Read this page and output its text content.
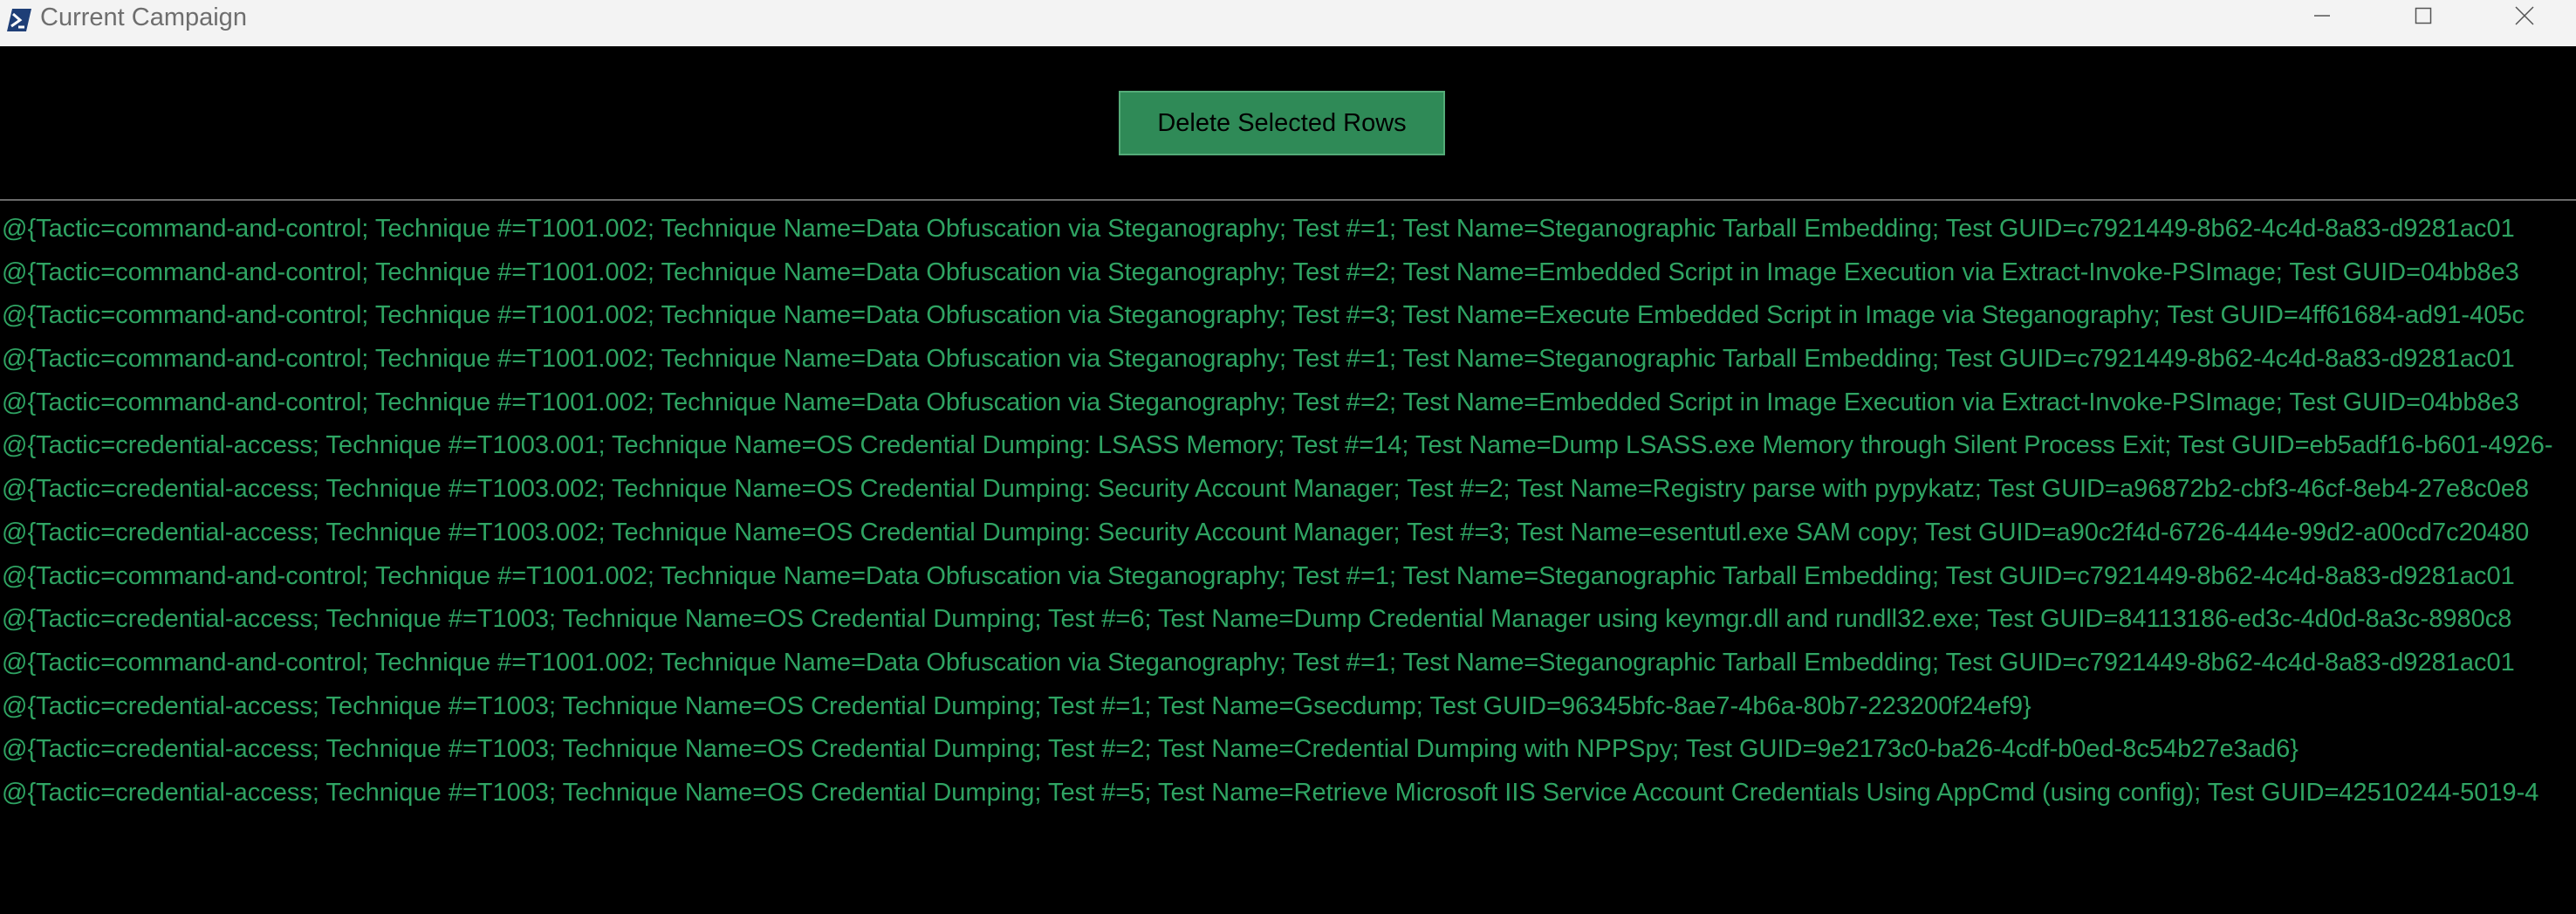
Current Campaign
Delete Selected Rows
@{Tactic=command-and-control; Technique #=T1001.002; Technique Name=Data Obfuscation via Steganography; Test #=1; Test Name=Steganographic Tarball Embedding; Test GUID=c7921449-8b62-4c4d-8a83-d9281ac01
@{Tactic=command-and-control; Technique #=T1001.002; Technique Name=Data Obfuscation via Steganography; Test #=2; Test Name=Embedded Script in Image Execution via Extract-Invoke-PSImage; Test GUID=04bb8e3
@{Tactic=command-and-control; Technique #=T1001.002; Technique Name=Data Obfuscation via Steganography; Test #=3; Test Name=Execute Embedded Script in Image via Steganography; Test GUID=4ff61684-ad91-405c
@{Tactic=command-and-control; Technique #=T1001.002; Technique Name=Data Obfuscation via Steganography; Test #=1; Test Name=Steganographic Tarball Embedding; Test GUID=c7921449-8b62-4c4d-8a83-d9281ac01
@{Tactic=command-and-control; Technique #=T1001.002; Technique Name=Data Obfuscation via Steganography; Test #=2; Test Name=Embedded Script in Image Execution via Extract-Invoke-PSImage; Test GUID=04bb8e3
@{Tactic=credential-access; Technique #=T1003.001; Technique Name=OS Credential Dumping: LSASS Memory; Test #=14; Test Name=Dump LSASS.exe Memory through Silent Process Exit; Test GUID=eb5adf16-b601-4926-
@{Tactic=credential-access; Technique #=T1003.002; Technique Name=OS Credential Dumping: Security Account Manager; Test #=2; Test Name=Registry parse with pypykatz; Test GUID=a96872b2-cbf3-46cf-8eb4-27e8c0e8
@{Tactic=credential-access; Technique #=T1003.002; Technique Name=OS Credential Dumping: Security Account Manager; Test #=3; Test Name=esentutl.exe SAM copy; Test GUID=a90c2f4d-6726-444e-99d2-a00cd7c20480
@{Tactic=command-and-control; Technique #=T1001.002; Technique Name=Data Obfuscation via Steganography; Test #=1; Test Name=Steganographic Tarball Embedding; Test GUID=c7921449-8b62-4c4d-8a83-d9281ac01
@{Tactic=credential-access; Technique #=T1003; Technique Name=OS Credential Dumping; Test #=6; Test Name=Dump Credential Manager using keymgr.dll and rundll32.exe; Test GUID=84113186-ed3c-4d0d-8a3c-8980c8
@{Tactic=command-and-control; Technique #=T1001.002; Technique Name=Data Obfuscation via Steganography; Test #=1; Test Name=Steganographic Tarball Embedding; Test GUID=c7921449-8b62-4c4d-8a83-d9281ac01
@{Tactic=credential-access; Technique #=T1003; Technique Name=OS Credential Dumping; Test #=1; Test Name=Gsecdump; Test GUID=96345bfc-8ae7-4b6a-80b7-223200f24ef9}
@{Tactic=credential-access; Technique #=T1003; Technique Name=OS Credential Dumping; Test #=2; Test Name=Credential Dumping with NPPSpy; Test GUID=9e2173c0-ba26-4cdf-b0ed-8c54b27e3ad6}
@{Tactic=credential-access; Technique #=T1003; Technique Name=OS Credential Dumping; Test #=5; Test Name=Retrieve Microsoft IIS Service Account Credentials Using AppCmd (using config); Test GUID=42510244-5019-4
